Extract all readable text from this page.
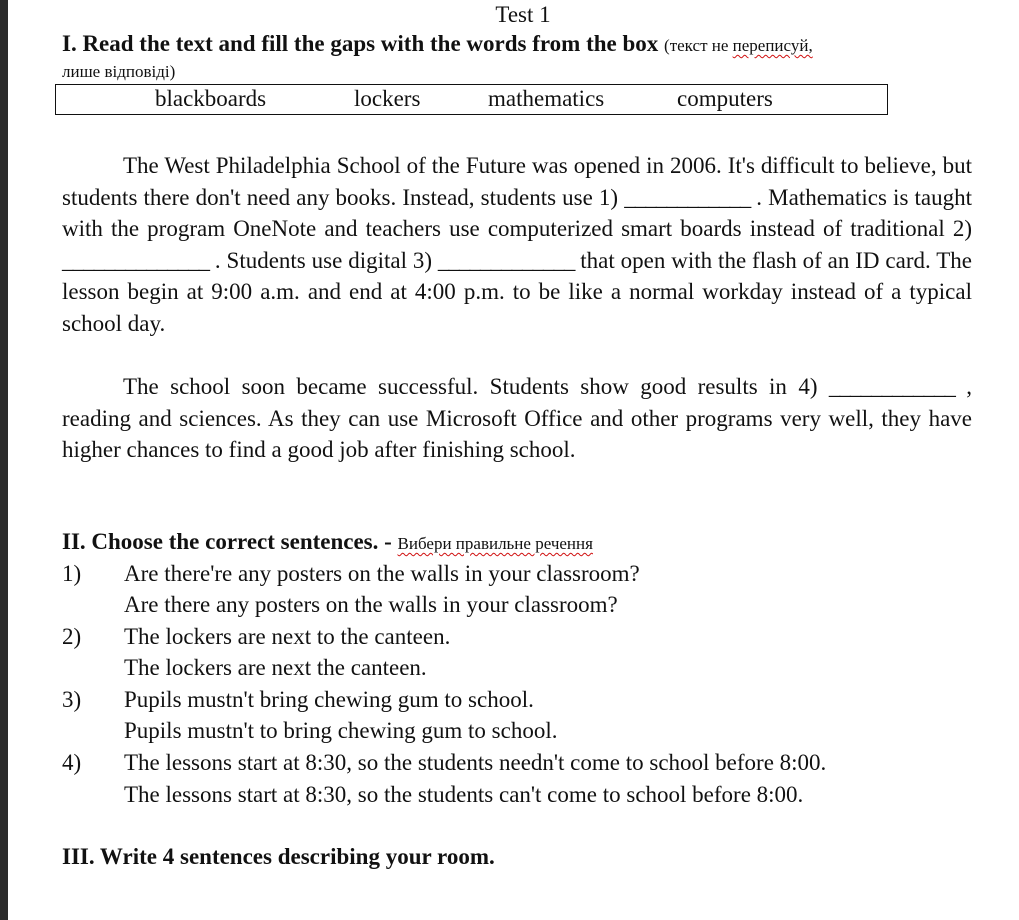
Test 1
I. Read the text and fill the gaps with the words from the box (текст не переписуй,
лише відповіді)
blackboards	lockers	mathematics	computers
The West Philadelphia School of the Future was opened in 2006. It's difficult to believe, but students there don't need any books. Instead, students use 1) ____________ . Mathematics is taught with the program OneNote and teachers use computerized smart boards instead of traditional 2) ______________ . Students use digital 3) _____________ that open with the flash of an ID card. The lesson begin at 9:00 a.m. and end at 4:00 p.m. to be like a normal workday instead of a typical school day.
The school soon became successful. Students show good results in 4) ____________ , reading and sciences. As they can use Microsoft Office and other programs very well, they have higher chances to find a good job after finishing school.
II. Choose the correct sentences. - Вибери правильне речення
1) Are there're any posters on the walls in your classroom?
Are there any posters on the walls in your classroom?
2) The lockers are next to the canteen.
The lockers are next the canteen.
3) Pupils mustn't bring chewing gum to school.
Pupils mustn't to bring chewing gum to school.
4) The lessons start at 8:30, so the students needn't come to school before 8:00.
The lessons start at 8:30, so the students can't come to school before 8:00.
III. Write 4 sentences describing your room.
